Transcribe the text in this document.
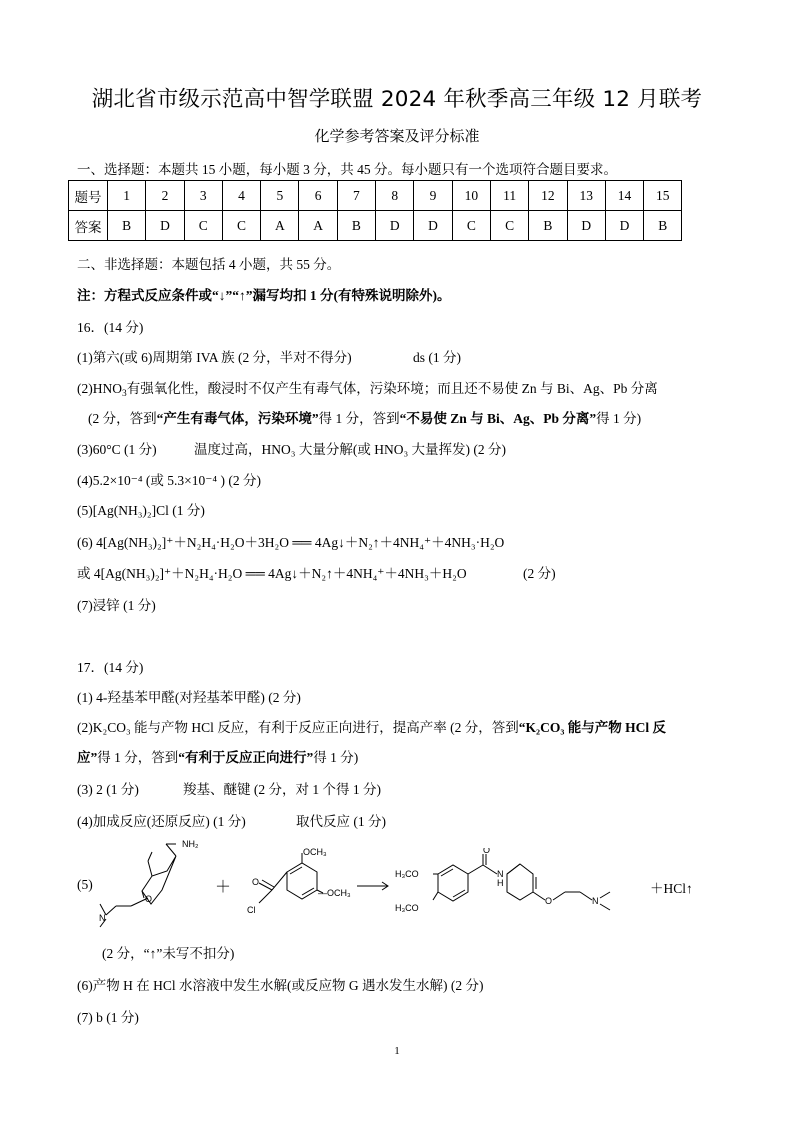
湖北省市级示范高中智学联盟 2024 年秋季高三年级 12 月联考
化学参考答案及评分标准
一、选择题：本题共 15 小题，每小题 3 分，共 45 分。每小题只有一个选项符合题目要求。
题号	1	2	3	4	5	6	7	8	9	10	11	12	13	14	15
答案	B	D	C	C	A	A	B	D	D	C	C	B	D	D	B
二、非选择题：本题包括 4 小题，共 55 分。
注：方程式反应条件或“↓”“↑”漏写均扣 1 分(有特殊说明除外)。
16．(14 分)
(1)第六(或 6)周期第 IVA 族 (2 分，半对不得分)	ds (1 分)
$(2)HNO_3$有强氧化性，酸浸时不仅产生有毒气体，污染环境；而且还不易使 Zn 与 Bi、Ag、Pb 分离
(2 分，答到“产生有毒气体，污染环境”得 1 分，答到“不易使 Zn 与 Bi、Ag、Pb 分离”得 1 分)
(3)60°C (1 分)	温度过高，HNO₃ 大量分解(或 HNO₃ 大量挥发) (2 分)
(4)5.2×10⁻⁴ (或 5.3×10⁻⁴ ) (2 分)
(5)[Ag(NH₃)₂]Cl (1 分)
(6) 4[Ag(NH₃)₂]⁺＋N₂H₄·H₂O＋3H₂O ══ 4Ag↓＋N₂↑＋4NH₄⁺＋4NH₃·H₂O
或 4[Ag(NH₃)₂]⁺＋N₂H₄·H₂O ══ 4Ag↓＋N₂↑＋4NH₄⁺＋4NH₃＋H₂O	(2 分)
(7)浸锌 (1 分)
17．(14 分)
(1) 4-羟基苯甲醛(对羟基苯甲醛) (2 分)
(2)K₂CO₃ 能与产物 HCl 反应，有利于反应正向进行，提高产率 (2 分，答到“K₂CO₃ 能与产物 HCl 反
应”得 1 分，答到“有利于反应正向进行”得 1 分)
(3) 2 (1 分)	羧基、醚键 (2 分，对 1 个得 1 分)
(4)加成反应(还原反应) (1 分)	取代反应 (1 分)
(5)	＋	＋HCl↑
NH₂
O
N
OCH₃
—OCH₃
O
Cl
O
N
H
O	N
H₃CO
H₃CO
(2 分，“↑”未写不扣分)
(6)产物 H 在 HCl 水溶液中发生水解(或反应物 G 遇水发生水解) (2 分)
(7) b (1 分)
1
